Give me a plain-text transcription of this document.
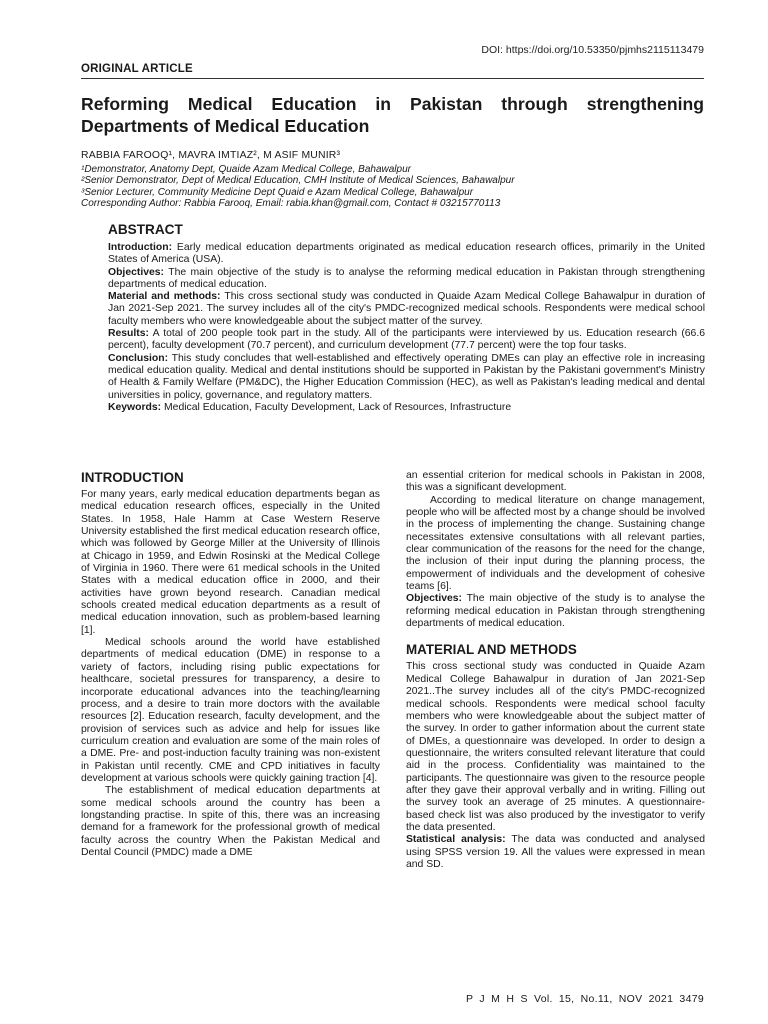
DOI: https://doi.org/10.53350/pjmhs2115113479
ORIGINAL ARTICLE
Reforming Medical Education in Pakistan through strengthening Departments of Medical Education
RABBIA FAROOQ¹, MAVRA IMTIAZ², M ASIF MUNIR³
¹Demonstrator, Anatomy Dept, Quaide Azam Medical College, Bahawalpur
²Senior Demonstrator, Dept of Medical Education, CMH Institute of Medical Sciences, Bahawalpur
³Senior Lecturer, Community Medicine Dept Quaid e Azam Medical College, Bahawalpur
Corresponding Author: Rabbia Farooq, Email: rabia.khan@gmail.com, Contact # 03215770113
ABSTRACT

Introduction: Early medical education departments originated as medical education research offices, primarily in the United States of America (USA).

Objectives: The main objective of the study is to analyse the reforming medical education in Pakistan through strengthening departments of medical education.

Material and methods: This cross sectional study was conducted in Quaide Azam Medical College Bahawalpur in duration of Jan 2021-Sep 2021. The survey includes all of the city's PMDC-recognized medical schools. Respondents were medical school faculty members who were knowledgeable about the subject matter of the survey.

Results: A total of 200 people took part in the study. All of the participants were interviewed by us. Education research (66.6 percent), faculty development (70.7 percent), and curriculum development (77.7 percent) were the top four tasks.

Conclusion: This study concludes that well-established and effectively operating DMEs can play an effective role in increasing medical education quality. Medical and dental institutions should be supported in Pakistan by the Pakistani government's Ministry of Health & Family Welfare (PM&DC), the Higher Education Commission (HEC), as well as Pakistan's leading medical and dental universities in policy, governance, and regulatory matters.

Keywords: Medical Education, Faculty Development, Lack of Resources, Infrastructure

INTRODUCTION

For many years, early medical education departments began as medical education research offices, especially in the United States. In 1958, Hale Hamm at Case Western Reserve University established the first medical education research office, which was followed by George Miller at the University of Illinois at Chicago in 1959, and Edwin Rosinski at the Medical College of Virginia in 1960. There were 61 medical schools in the United States with a medical education office in 2000, and their activities have grown beyond research. Canadian medical schools created medical education departments as a result of medical education innovation, such as problem-based learning [1].

Medical schools around the world have established departments of medical education (DME) in response to a variety of factors, including rising public expectations for healthcare, societal pressures for transparency, a desire to incorporate educational advances into the teaching/learning process, and a desire to train more doctors with the available resources [2]. Education research, faculty development, and the provision of services such as advice and help for issues like curriculum creation and evaluation are some of the main roles of a DME. Pre- and post-induction faculty training was non-existent in Pakistan until recently. CME and CPD initiatives in faculty development at various schools were quickly gaining traction [4].

The establishment of medical education departments at some medical schools around the country has been a longstanding practise. In spite of this, there was an increasing demand for a framework for the professional growth of medical faculty across the country When the Pakistan Medical and Dental Council (PMDC) made a DME

an essential criterion for medical schools in Pakistan in 2008, this was a significant development.

According to medical literature on change management, people who will be affected most by a change should be involved in the process of implementing the change. Sustaining change necessitates extensive consultations with all relevant parties, clear communication of the reasons for the need for the change, the inclusion of their input during the planning process, the empowerment of individuals and the development of cohesive teams [6].

Objectives: The main objective of the study is to analyse the reforming medical education in Pakistan through strengthening departments of medical education.

MATERIAL AND METHODS

This cross sectional study was conducted in Quaide Azam Medical College Bahawalpur in duration of Jan 2021-Sep 2021..The survey includes all of the city's PMDC-recognized medical schools. Respondents were medical school faculty members who were knowledgeable about the subject matter of the survey. In order to gather information about the current state of DMEs, a questionnaire was developed. In order to design a questionnaire, the writers consulted relevant literature that could aid in the process. Confidentiality was maintained to the participants. The questionnaire was given to the resource people after they gave their approval verbally and in writing. Filling out the survey took an average of 25 minutes. A questionnaire-based check list was also produced by the investigator to verify the data presented.

Statistical analysis: The data was conducted and analysed using SPSS version 19. All the values were expressed in mean and SD.

P J M H S Vol. 15, No.11, NOV 2021 3479
